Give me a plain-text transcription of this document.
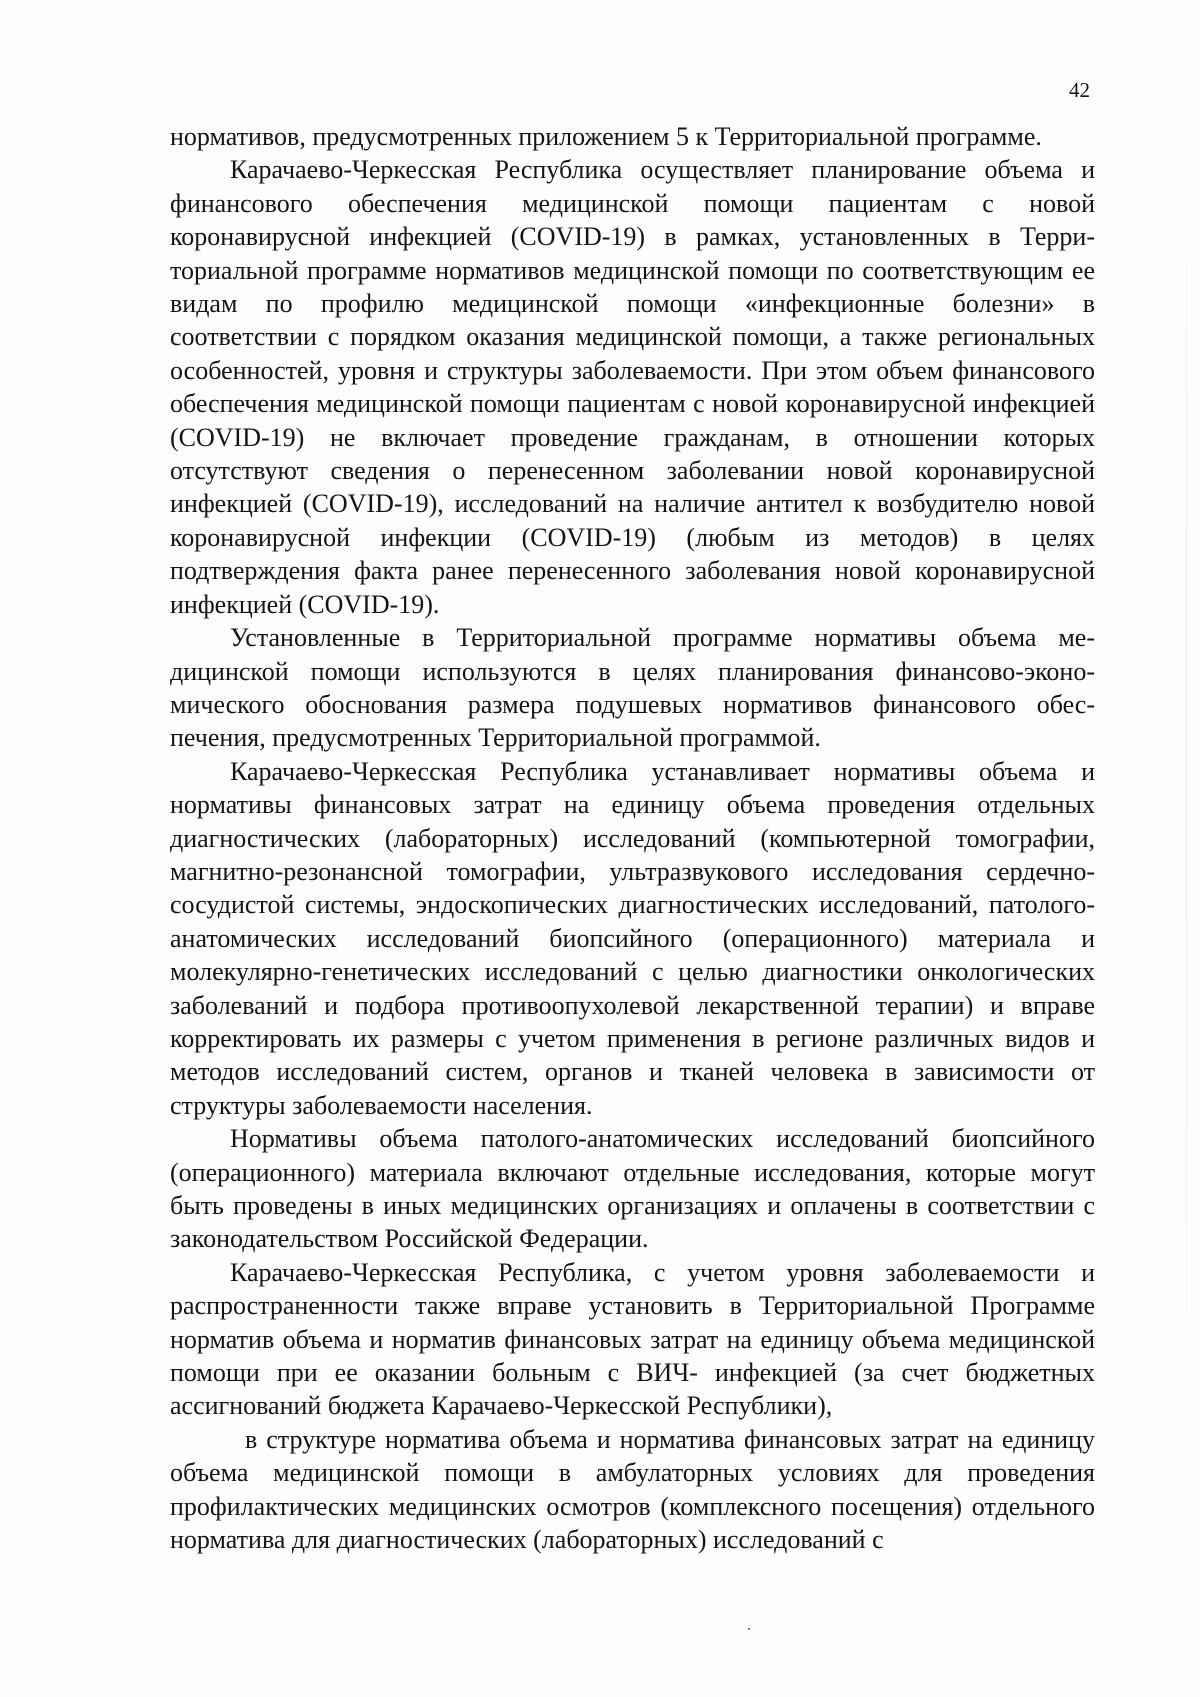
42

нормативов, предусмотренных приложением 5 к Территориальной программе.

Карачаево-Черкесская Республика осуществляет планирование объема и финансового обеспечения медицинской помощи пациентам с новой коронавирусной инфекцией (COVID-19) в рамках, установленных в Территориальной программе нормативов медицинской помощи по соответствующим ее видам по профилю медицинской помощи «инфекционные болезни» в соответствии с порядком оказания медицинской помощи, а также региональных особенностей, уровня и структуры заболеваемости. При этом объем финансового обеспечения медицинской помощи пациентам с новой коронавирусной инфекцией (COVID-19) не включает проведение гражданам, в отношении которых отсутствуют сведения о перенесенном заболевании новой коронавирусной инфекцией (COVID-19), исследований на наличие антител к возбудителю новой коронавирусной инфекции (COVID-19) (любым из методов) в целях подтверждения факта ранее перенесенного заболевания новой коронавирусной инфекцией (COVID-19).

Установленные в Территориальной программе нормативы объема медицинской помощи используются в целях планирования финансово-экономического обоснования размера подушевых нормативов финансового обеспечения, предусмотренных Территориальной программой.

Карачаево-Черкесская Республика устанавливает нормативы объема и нормативы финансовых затрат на единицу объема проведения отдельных диагностических (лабораторных) исследований (компьютерной томографии, магнитно-резонансной томографии, ультразвукового исследования сердечно-сосудистой системы, эндоскопических диагностических исследований, патолого-анатомических исследований биопсийного (операционного) материала и молекулярно-генетических исследований с целью диагностики онкологических заболеваний и подбора противоопухолевой лекарственной терапии) и вправе корректировать их размеры с учетом применения в регионе различных видов и методов исследований систем, органов и тканей человека в зависимости от структуры заболеваемости населения.

Нормативы объема патолого-анатомических исследований биопсийного (операционного) материала включают отдельные исследования, которые могут быть проведены в иных медицинских организациях и оплачены в соответствии с законодательством Российской Федерации.

Карачаево-Черкесская Республика, с учетом уровня заболеваемости и распространенности также вправе установить в Территориальной Программе норматив объема и норматив финансовых затрат на единицу объема медицинской помощи при ее оказании больным с ВИЧ- инфекцией (за счет бюджетных ассигнований бюджета Карачаево-Черкесской Республики),

в структуре норматива объема и норматива финансовых затрат на единицу объема медицинской помощи в амбулаторных условиях для проведения профилактических медицинских осмотров (комплексного посещения) отдельного норматива для диагностических (лабораторных) исследований с
